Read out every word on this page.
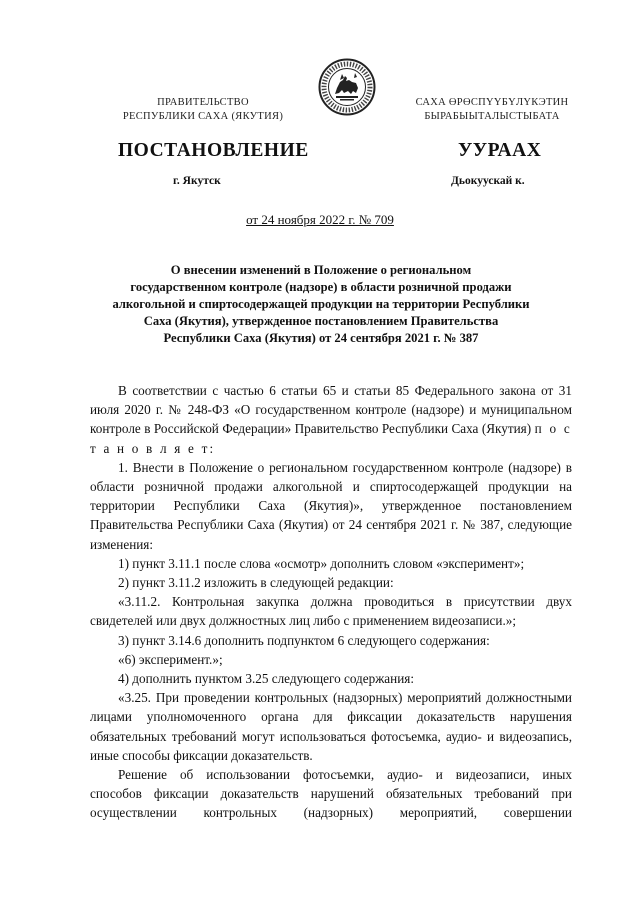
ПРАВИТЕЛЬСТВО
РЕСПУБЛИКИ САХА (ЯКУТИЯ)
САХА ӨРӨСПҮҮБҮЛҮКЭТИН
БЫРАБЫЫТАЛЫСТЫБАТА
ПОСТАНОВЛЕНИЕ	УУРААХ
г. Якутск	Дьокуускай к.
от 24 ноября 2022 г. № 709
О внесении изменений в Положение о региональном
государственном контроле (надзоре) в области розничной продажи
алкогольной и спиртосодержащей продукции на территории Республики
Саха (Якутия), утвержденное постановлением Правительства
Республики Саха (Якутия) от 24 сентября 2021 г. № 387

В соответствии с частью 6 статьи 65 и статьи 85 Федерального закона от 31 июля 2020 г. № 248-ФЗ «О государственном контроле (надзоре) и муниципальном контроле в Российской Федерации» Правительство Республики Саха (Якутия) п о с т а н о в л я е т:

1. Внести в Положение о региональном государственном контроле (надзоре) в области розничной продажи алкогольной и спиртосодержащей продукции на территории Республики Саха (Якутия)», утвержденное постановлением Правительства Республики Саха (Якутия) от 24 сентября 2021 г. № 387, следующие изменения:

1) пункт 3.11.1 после слова «осмотр» дополнить словом «эксперимент»;

2) пункт 3.11.2 изложить в следующей редакции:

«3.11.2. Контрольная закупка должна проводиться в присутствии двух свидетелей или двух должностных лиц либо с применением видеозаписи.»;

3) пункт 3.14.6 дополнить подпунктом 6 следующего содержания:

«6) эксперимент.»;

4) дополнить пунктом 3.25 следующего содержания:

«3.25. При проведении контрольных (надзорных) мероприятий должностными лицами уполномоченного органа для фиксации доказательств нарушения обязательных требований могут использоваться фотосъемка, аудио- и видеозапись, иные способы фиксации доказательств.

Решение об использовании фотосъемки, аудио- и видеозаписи, иных
способов фиксации доказательств нарушений обязательных требований при
осуществлении контрольных (надзорных) мероприятий, совершении
